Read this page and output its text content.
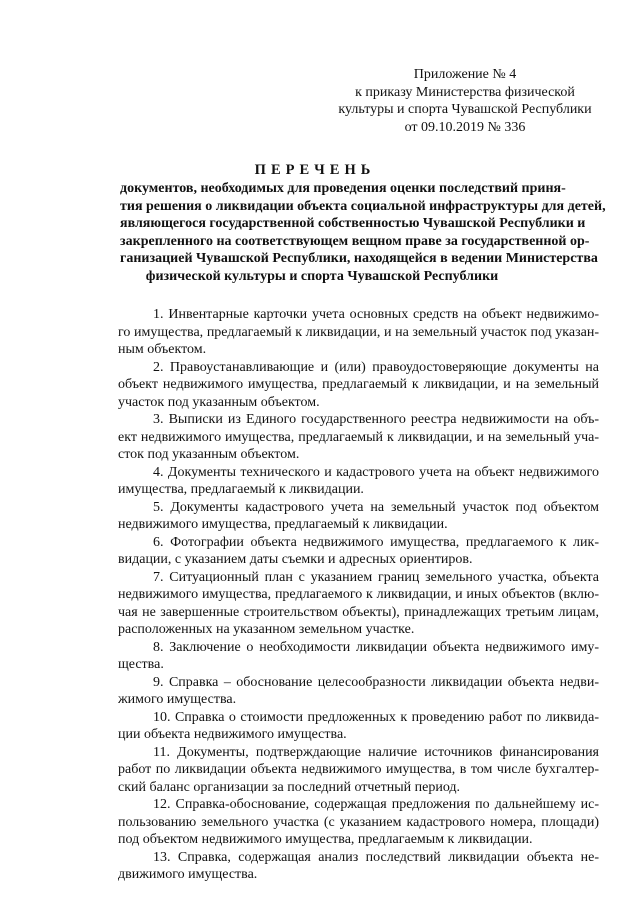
Приложение № 4
к приказу Министерства физической
культуры и спорта Чувашской Республики
от 09.10.2019 № 336
ПЕРЕЧЕНЬ
документов, необходимых для проведения оценки последствий приня-
тия решения о ликвидации объекта социальной инфраструктуры для детей,
являющегося государственной собственностью Чувашской Республики и
закрепленного на соответствующем вещном праве за государственной ор-
ганизацией Чувашской Республики, находящейся в ведении Министерства
физической культуры и спорта Чувашской Республики
1. Инвентарные карточки учета основных средств на объект недвижимо-
го имущества, предлагаемый к ликвидации, и на земельный участок под указан-
ным объектом.
2. Правоустанавливающие и (или) правоудостоверяющие документы на
объект недвижимого имущества, предлагаемый к ликвидации, и на земельный
участок под указанным объектом.
3. Выписки из Единого государственного реестра недвижимости на объ-
ект недвижимого имущества, предлагаемый к ликвидации, и на земельный уча-
сток под указанным объектом.
4. Документы технического и кадастрового учета на объект недвижимого
имущества, предлагаемый к ликвидации.
5. Документы кадастрового учета на земельный участок под объектом
недвижимого имущества, предлагаемый к ликвидации.
6. Фотографии объекта недвижимого имущества, предлагаемого к лик-
видации, с указанием даты съемки и адресных ориентиров.
7. Ситуационный план с указанием границ земельного участка, объекта
недвижимого имущества, предлагаемого к ликвидации, и иных объектов (вклю-
чая не завершенные строительством объекты), принадлежащих третьим лицам,
расположенных на указанном земельном участке.
8. Заключение о необходимости ликвидации объекта недвижимого иму-
щества.
9. Справка – обоснование целесообразности ликвидации объекта недви-
жимого имущества.
10. Справка о стоимости предложенных к проведению работ по ликвида-
ции объекта недвижимого имущества.
11. Документы, подтверждающие наличие источников финансирования
работ по ликвидации объекта недвижимого имущества, в том числе бухгалтер-
ский баланс организации за последний отчетный период.
12. Справка-обоснование, содержащая предложения по дальнейшему ис-
пользованию земельного участка (с указанием кадастрового номера, площади)
под объектом недвижимого имущества, предлагаемым к ликвидации.
13. Справка, содержащая анализ последствий ликвидации объекта не-
движимого имущества.
